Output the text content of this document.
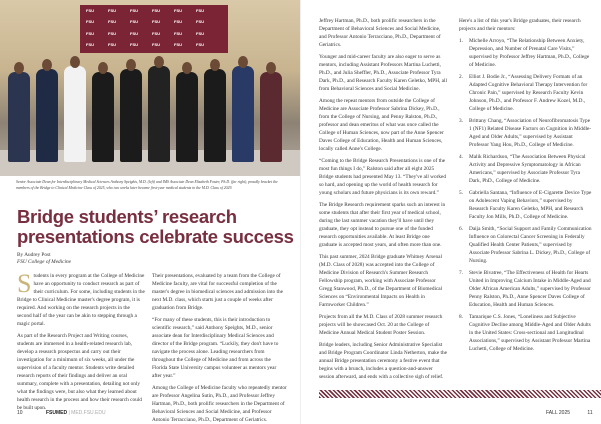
FSU	FSU	FSU	FSU	FSU	FSU
FSU	FSU	FSU	FSU	FSU	FSU
FSU	FSU	FSU	FSU	FSU	FSU
FSU	FSU	FSU	FSU	FSU	FSU
Senior Associate Dean for Interdisciplinary Medical Sciences Anthony Speights, M.D. (left) and IMS Associate Dean Elizabeth Foster, Ph.D. (far right), proudly bracket the members of the Bridge to Clinical Medicine Class of 2025, who two weeks later became first-year medical students in the M.D. Class of 2029.
Bridge students’ research presentations celebrate success
By Audrey Post
FSU College of Medicine

Students in every program at the College of Medicine have an opportunity to conduct research as part of their curriculum. For some, including students in the Bridge to Clinical Medicine master's degree program, it is required. And working on the research projects in the second half of the year can be akin to stepping through a magic portal.

As part of the Research Project and Writing courses, students are immersed in a health-related research lab, develop a research prospectus and carry out their investigation for a minimum of six weeks, all under the supervision of a faculty mentor. Students write detailed research reports of their findings and deliver an oral summary, complete with a presentation, detailing not only what the findings were, but also what they learned about health research in the process and how their research could be built upon.

Their presentations, evaluated by a team from the College of Medicine faculty, are vital for successful completion of the master's degree in biomedical sciences and admission into the next M.D. class, which starts just a couple of weeks after graduation from Bridge.

“For many of these students, this is their introduction to scientific research,” said Anthony Speights, M.D., senior associate dean for Interdisciplinary Medical Sciences and director of the Bridge program. “Luckily, they don't have to navigate the process alone. Leading researchers from throughout the College of Medicine and from across the Florida State University campus volunteer as mentors year after year.”

Among the College of Medicine faculty who repeatedly mentor are Professor Angelina Sutin, Ph.D., and Professor Jeffrey Hartman, Ph.D., both prolific researchers in the Department of Behavioral Sciences and Social Medicine, and Professor Antonio Terracciano, Ph.D., Department of Geriatrics.

10	FSUMED | MED.FSU.EDU

Jeffrey Hartman, Ph.D., both prolific researchers in the Department of Behavioral Sciences and Social Medicine, and Professor Antonio Terracciano, Ph.D., Department of Geriatrics.

Younger and mid-career faculty are also eager to serve as mentors, including Assistant Professors Martina Luchetti, Ph.D., and Julia Sheffler, Ph.D., Associate Professor Tyra Dark, Ph.D., and Research Faculty Karen Geletko, MPH, all from Behavioral Sciences and Social Medicine.

Among the repeat mentors from outside the College of Medicine are Associate Professor Sabrina Dickey, Ph.D., from the College of Nursing, and Penny Ralston, Ph.D., professor and dean emeritus of what was once called the College of Human Sciences, now part of the Anne Spencer Daves College of Education, Health and Human Sciences, locally called Anne's College.

“Coming to the Bridge Research Presentations is one of the most fun things I do,” Ralston said after all eight 2025 Bridge students had presented May 13. “They've all worked so hard, and opening up the world of health research for young scholars and future physicians is its own reward.”

The Bridge Research requirement sparks such an interest in some students that after their first year of medical school, during the last summer vacation they'll have until they graduate, they opt instead to pursue one of the funded research opportunities available. At least Bridge one graduate is accepted most years, and often more than one.

This past summer, 2024 Bridge graduate Whitney Arsenal (M.D. Class of 2028) was accepted into the College of Medicine Division of Research's Summer Research Fellowship program, working with Associate Professor Gregg Stanwood, Ph.D., of the Department of Biomedical Sciences on “Environmental Impacts on Health in Farmworker Children.”

Projects from all the M.D. Class of 2028 summer research projects will be showcased Oct. 20 at the College of Medicine Annual Medical Student Poster Session.

Bridge leaders, including Senior Administrative Specialist and Bridge Program Coordinator Linda Netherton, make the annual Bridge presentation ceremony a festive event that begins with a brunch, includes a question-and-answer session afterward, and ends with a collective sigh of relief.

Here's a list of this year's Bridge graduates, their research projects and their mentors:

1.	Michelle Arroyo, “The Relationship Between Anxiety, Depression, and Number of Prenatal Care Visits,” supervised by Professor Jeffrey Hartman, Ph.D., College of Medicine.
2.	Elliot J. Bodie Jr., “Assessing Delivery Formats of an Adapted Cognitive Behavioral Therapy Intervention for Chronic Pain,” supervised by Research Faculty Kevin Johnson, Ph.D., and Professor F. Andrew Kozel, M.D., College of Medicine.
3.	Brittany Chang, “Association of Neurofibromatosis Type 1 (NF1) Related Disease Factors on Cognition in Middle-Aged and Older Adults,” supervised by Assistant Professor Yang Hou, Ph.D., College of Medicine.
4.	Malik Richardson, “The Association Between Physical Activity and Depressive Symptomatology in African Americans,” supervised by Associate Professor Tyra Dark, PhD., College of Medicine.
5.	Gabriella Santana, “Influence of E-Cigarette Device Type on Adolescent Vaping Behaviors,” supervised by Research Faculty Karen Geletko, MPH, and Research Faculty Jon Mills, Ph.D., College of Medicine.
6.	Daija Smith, “Social Support and Family Communication Influence on Colorectal Cancer Screening in Federally Qualified Health Center Patients,” supervised by Associate Professor Sabrina L. Dickey, Ph.D., College of Nursing.
7.	Stevie Bivatree, “The Effectiveness of Health for Hearts United in Improving Calcium Intake in Middle-Aged and Older African American Adults,” supervised by Professor Penny Ralston, Ph.D., Anne Spencer Daves College of Education, Health and Human Sciences.
8.	Tamarique C.S. Jones, “Loneliness and Subjective Cognitive Decline among Middle-Aged and Older Adults in the United States: Cross-sectional and Longitudinal Associations,” supervised by Assistant Professor Martina Luchetti, College of Medicine.
FALL 2025	11
